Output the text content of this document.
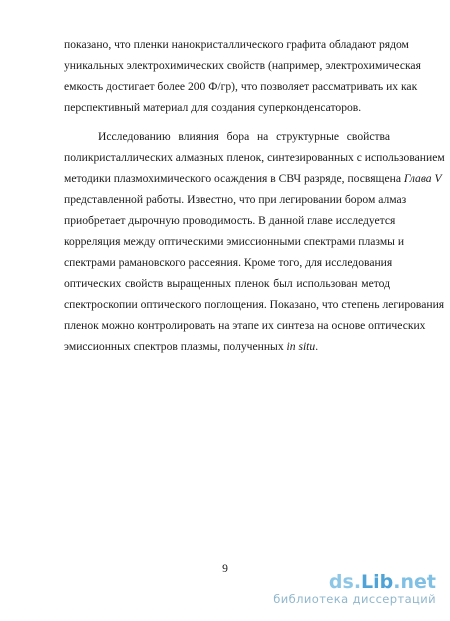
показано, что пленки нанокристаллического графита обладают рядом
уникальных электрохимических свойств (например, электрохимическая
емкость достигает более 200 Ф/гр), что позволяет рассматривать их как
перспективный материал для создания суперконденсаторов.
Исследованию влияния бора на структурные свойства
поликристаллических алмазных пленок, синтезированных с использованием
методики плазмохимического осаждения в СВЧ разряде, посвящена Глава V
представленной работы. Известно, что при легировании бором алмаз
приобретает дырочную проводимость. В данной главе исследуется
корреляция между оптическими эмиссионными спектрами плазмы и
спектрами рамановского рассеяния. Кроме того, для исследования
оптических свойств выращенных пленок был использован метод
спектроскопии оптического поглощения. Показано, что степень легирования
пленок можно контролировать на этапе их синтеза на основе оптических
эмиссионных спектров плазмы, полученных in situ.
9
ds.Lib.net
библиотека диссертаций
